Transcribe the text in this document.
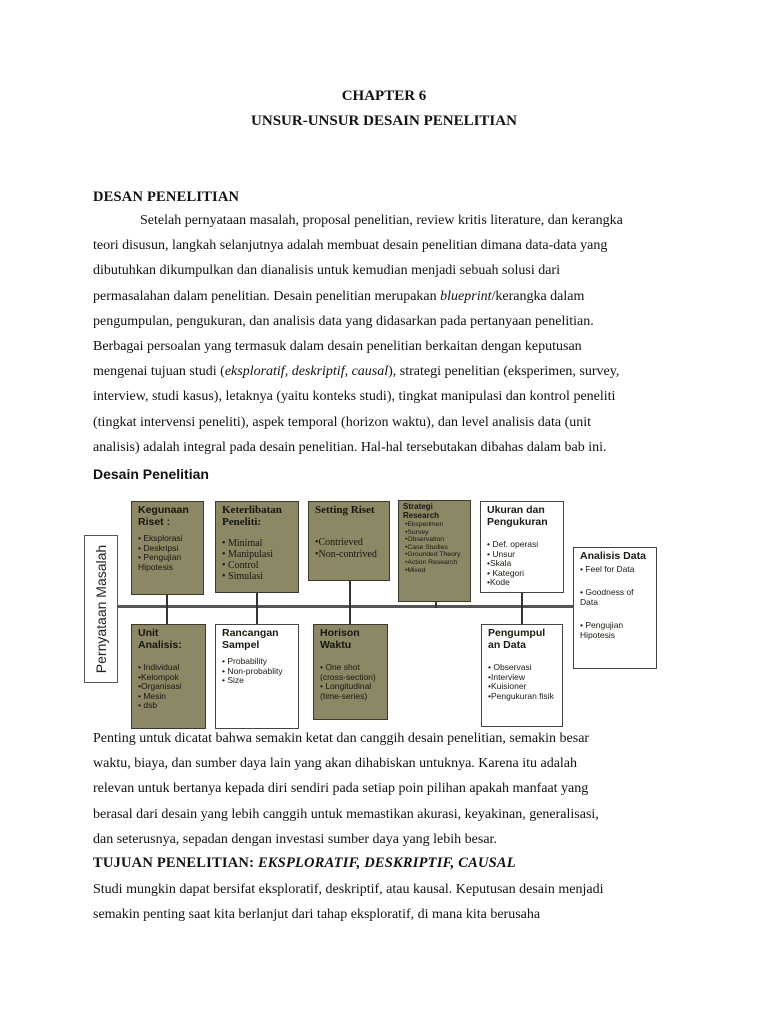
CHAPTER 6
UNSUR-UNSUR DESAIN PENELITIAN
DESAN PENELITIAN
Setelah pernyataan masalah, proposal penelitian, review kritis literature, dan kerangka
teori disusun, langkah selanjutnya adalah membuat desain penelitian dimana data-data yang
dibutuhkan dikumpulkan dan dianalisis untuk kemudian menjadi sebuah solusi dari
permasalahan dalam penelitian. Desain penelitian merupakan blueprint/kerangka dalam
pengumpulan, pengukuran, dan analisis data yang didasarkan pada pertanyaan penelitian.
Berbagai persoalan yang termasuk dalam desain penelitian berkaitan dengan keputusan
mengenai tujuan studi (eksploratif, deskriptif, causal), strategi penelitian (eksperimen, survey,
interview, studi kasus), letaknya (yaitu konteks studi), tingkat manipulasi dan kontrol peneliti
(tingkat intervensi peneliti), aspek temporal (horizon waktu), dan level analisis data (unit
analisis) adalah integral pada desain penelitian. Hal-hal tersebutakan dibahas dalam bab ini.
Desain Penelitian
Pernyataan Masalah
Kegunaan Riset :
• Eksplorasi
• Deskripsi
• Pengujian Hipotesis
Keterlibatan Peneliti:
• Minimal
• Manipulasi
• Control
• Simulasi
Setting Riset
•Contrieved
•Non-contrived
Strategi Research
•Eksperimen
•Survey
•Observation
•Case Studies
•Grounded Theory
•Action Research
•Mixed
Ukuran dan Pengukuran
• Def. operasi
• Unsur
•Skala
• Kategori
•Kode
Analisis Data
• Feel for Data
• Goodness of Data
• Pengujian Hipotesis
Unit Analisis:
• Individual
•Kelompok
•Organisasi
• Mesin
• dsb
Rancangan Sampel
• Probability
• Non-probablity
• Size
Horison Waktu
• One shot (cross-section)
• Longitudinal (time-series)
Pengumpul an Data
• Observasi
•Interview
•Kuisioner
•Pengukuran fisik
Penting untuk dicatat bahwa semakin ketat dan canggih desain penelitian, semakin besar
waktu, biaya, dan sumber daya lain yang akan dihabiskan untuknya. Karena itu adalah
relevan untuk bertanya kepada diri sendiri pada setiap poin pilihan apakah manfaat yang
berasal dari desain yang lebih canggih untuk memastikan akurasi, keyakinan, generalisasi,
dan seterusnya, sepadan dengan investasi sumber daya yang lebih besar.
TUJUAN PENELITIAN: EKSPLORATIF, DESKRIPTIF, CAUSAL
Studi mungkin dapat bersifat eksploratif, deskriptif, atau kausal. Keputusan desain menjadi
semakin penting saat kita berlanjut dari tahap eksploratif, di mana kita berusaha
